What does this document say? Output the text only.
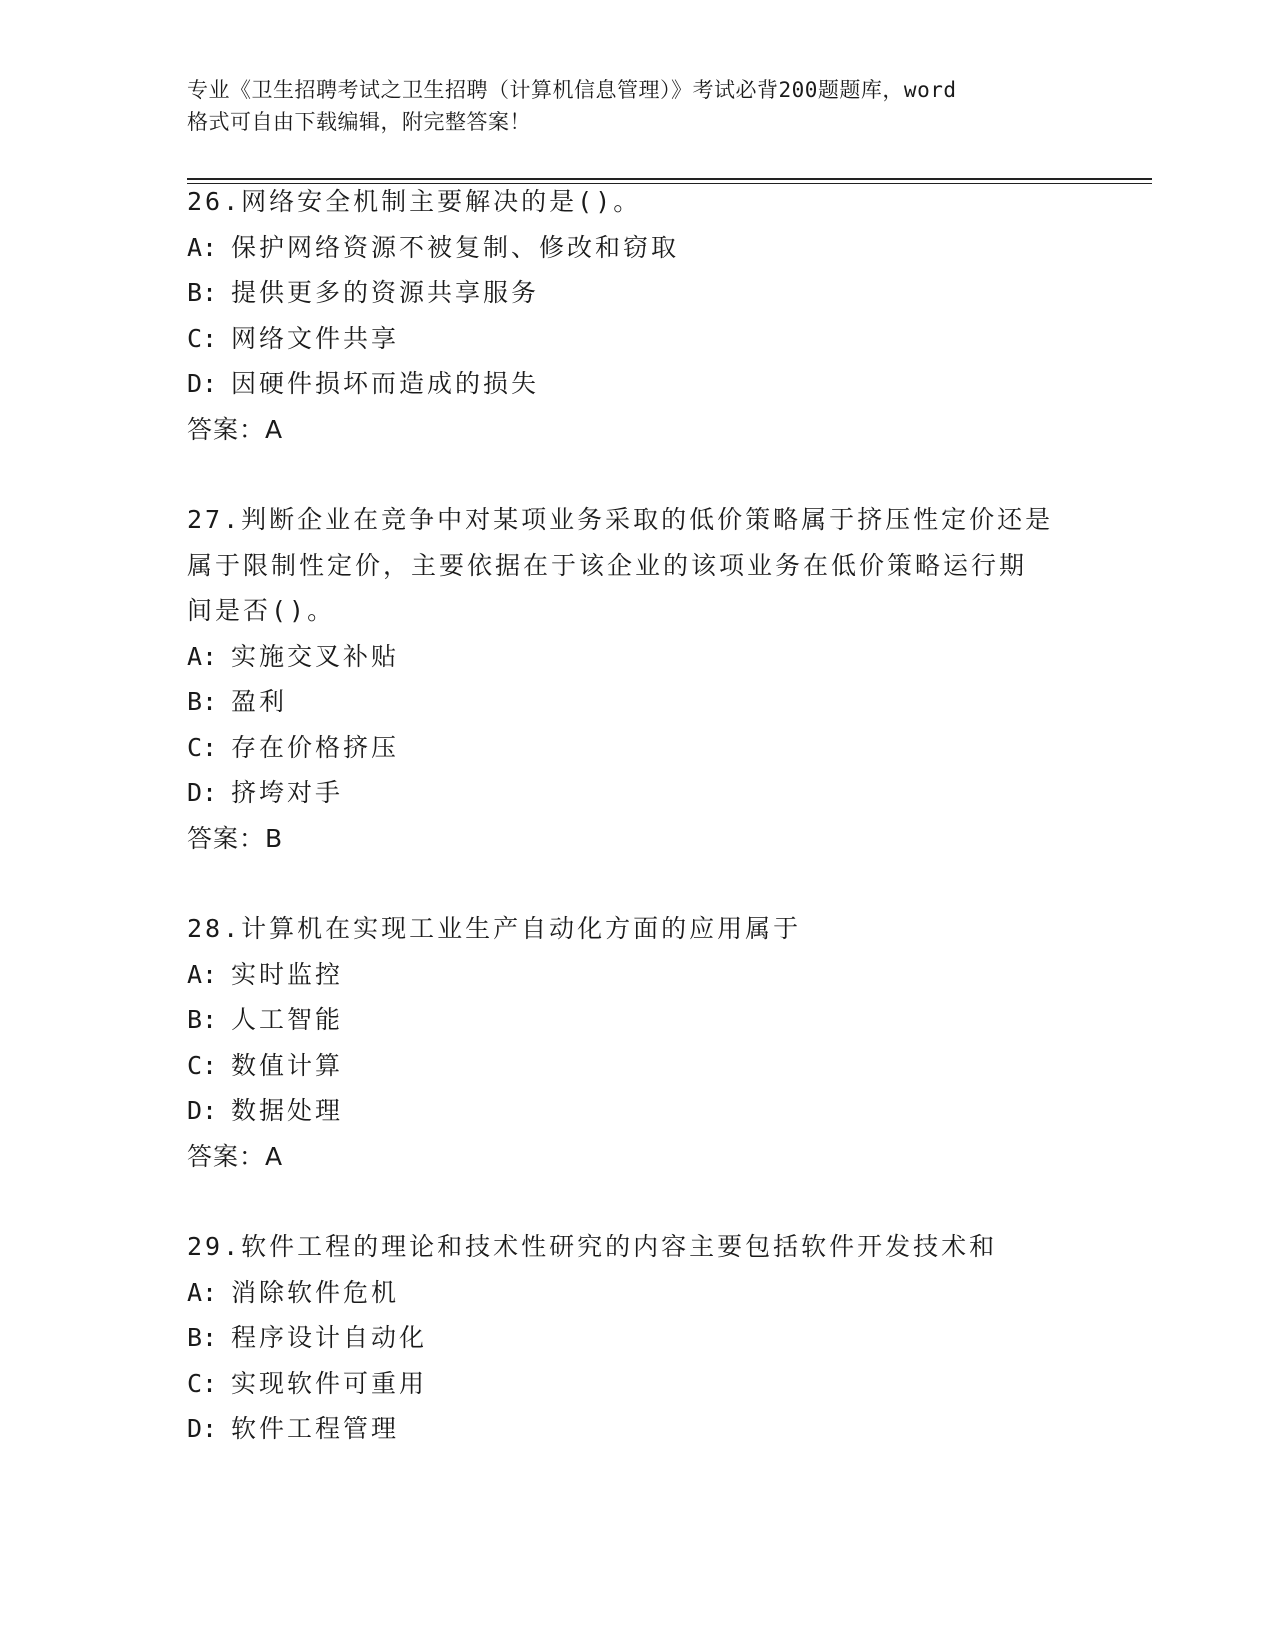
专业《卫生招聘考试之卫生招聘（计算机信息管理）》考试必背200题题库，word
格式可自由下载编辑，附完整答案！
26.网络安全机制主要解决的是()。
A: 保护网络资源不被复制、修改和窃取
B: 提供更多的资源共享服务
C: 网络文件共享
D: 因硬件损坏而造成的损失
答案：A
27.判断企业在竞争中对某项业务采取的低价策略属于挤压性定价还是
属于限制性定价，主要依据在于该企业的该项业务在低价策略运行期
间是否()。
A: 实施交叉补贴
B: 盈利
C: 存在价格挤压
D: 挤垮对手
答案：B
28.计算机在实现工业生产自动化方面的应用属于
A: 实时监控
B: 人工智能
C: 数值计算
D: 数据处理
答案：A
29.软件工程的理论和技术性研究的内容主要包括软件开发技术和
A: 消除软件危机
B: 程序设计自动化
C: 实现软件可重用
D: 软件工程管理
